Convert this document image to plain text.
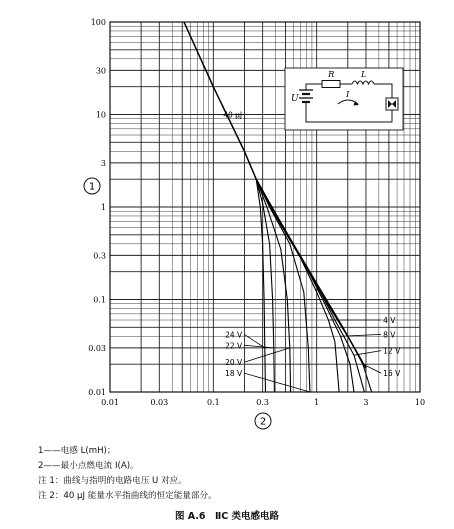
100
30
10
3
1
0.3
0.1
0.03
0.01
0.01	0.03	0.1	0.3	1	3	10
40 μJ
24 V
22 V
20 V
18 V
4 V
8 V
12 V
16 V
1
2
U
R	L
I
1——电感 L(mH)；
2——最小点燃电流 I(A)。
注 1：曲线与指明的电路电压 U 对应。
注 2：40 μJ 能量水平指曲线的恒定能量部分。
图 A.6　ⅡC 类电感电路
